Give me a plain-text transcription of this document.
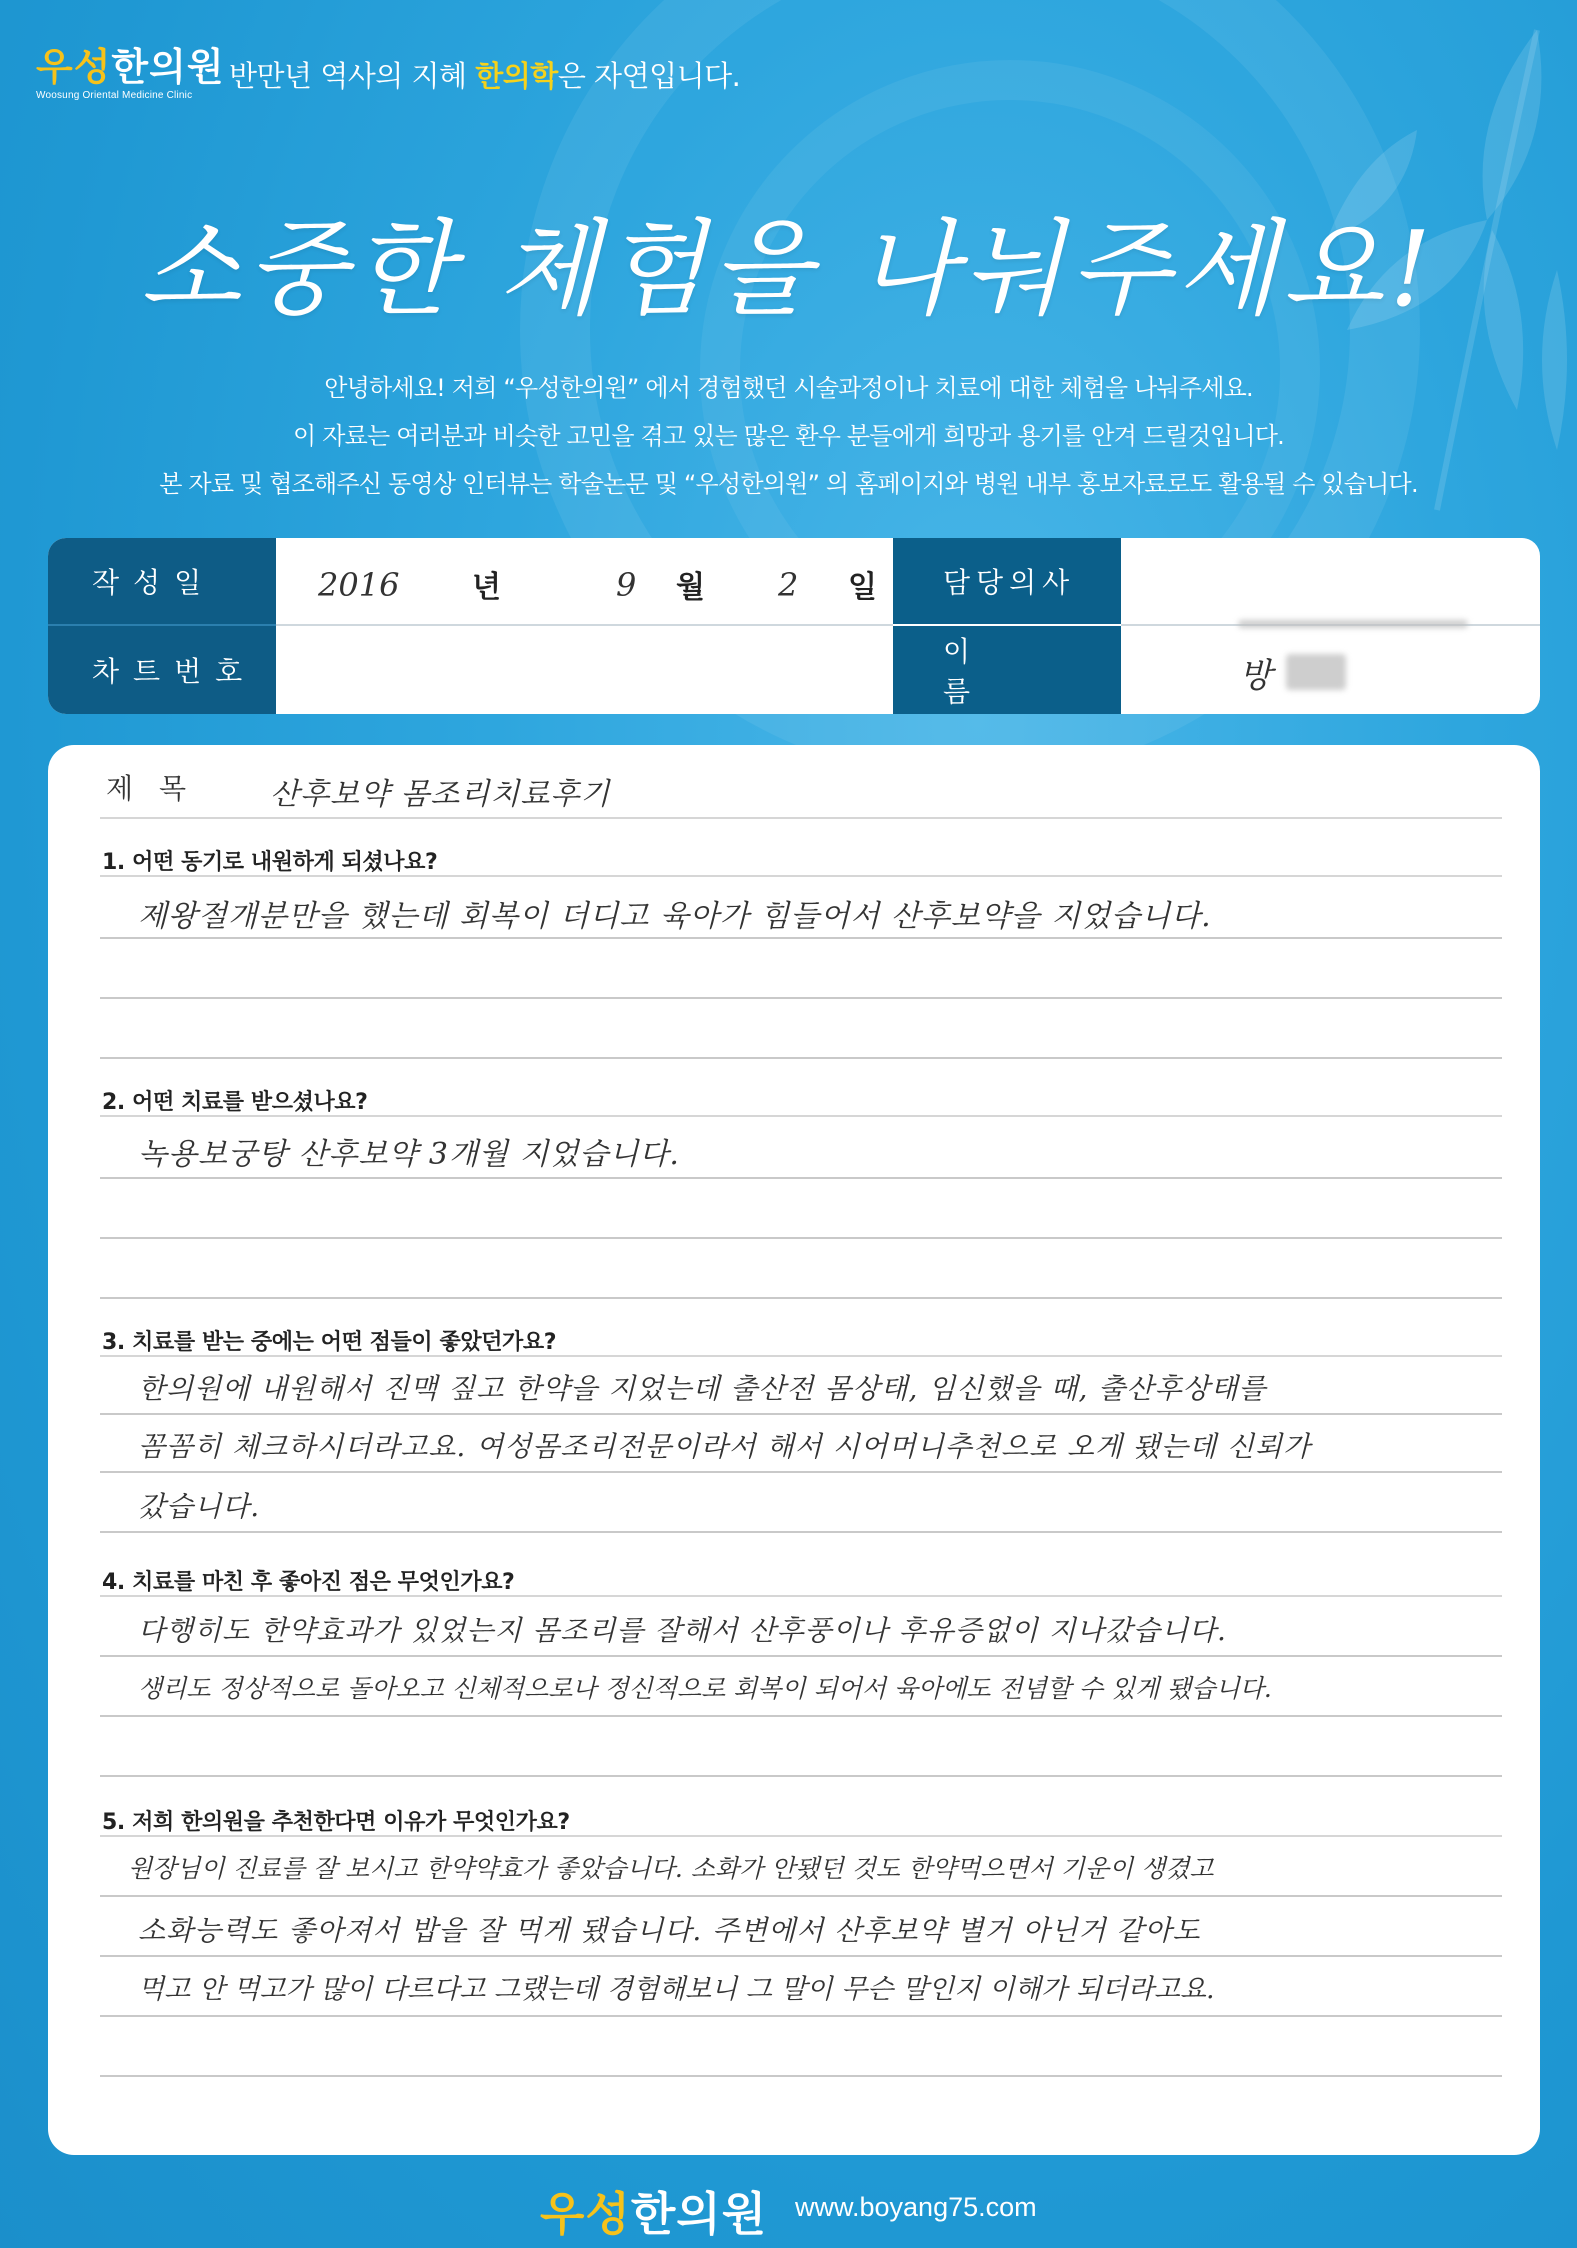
우성한의원
Woosung Oriental Medicine Clinic
반만년 역사의 지혜 한의학은 자연입니다.
소중한 체험을 나눠주세요!
안녕하세요! 저희 “우성한의원” 에서 경험했던 시술과정이나 치료에 대한 체험을 나눠주세요.
이 자료는 여러분과 비슷한 고민을 겪고 있는 많은 환우 분들에게 희망과 용기를 안겨 드릴것입니다.
본 자료 및 협조해주신 동영상 인터뷰는 학술논문 및 “우성한의원” 의 홈페이지와 병원 내부 홍보자료로도 활용될 수 있습니다.
작성일
차트번호
담당의사
이 름
2016 년	9 월 2 일
방
제목 산후보약 몸조리치료후기
1. 어떤 동기로 내원하게 되셨나요?
제왕절개분만을 했는데 회복이 더디고 육아가 힘들어서 산후보약을 지었습니다.
2. 어떤 치료를 받으셨나요?
녹용보궁탕 산후보약 3개월 지었습니다.
3. 치료를 받는 중에는 어떤 점들이 좋았던가요?
한의원에 내원해서 진맥 짚고 한약을 지었는데 출산전 몸상태, 임신했을 때, 출산후상태를
꼼꼼히 체크하시더라고요. 여성몸조리전문이라서 해서 시어머니추천으로 오게 됐는데 신뢰가
갔습니다.
4. 치료를 마친 후 좋아진 점은 무엇인가요?
다행히도 한약효과가 있었는지 몸조리를 잘해서 산후풍이나 후유증없이 지나갔습니다.
생리도 정상적으로 돌아오고 신체적으로나 정신적으로 회복이 되어서 육아에도 전념할 수 있게 됐습니다.
5. 저희 한의원을 추천한다면 이유가 무엇인가요?
원장님이 진료를 잘 보시고 한약약효가 좋았습니다. 소화가 안됐던 것도 한약먹으면서 기운이 생겼고
소화능력도 좋아져서 밥을 잘 먹게 됐습니다. 주변에서 산후보약 별거 아닌거 같아도
먹고 안 먹고가 많이 다르다고 그랬는데 경험해보니 그 말이 무슨 말인지 이해가 되더라고요.
우성한의원 www.boyang75.com
